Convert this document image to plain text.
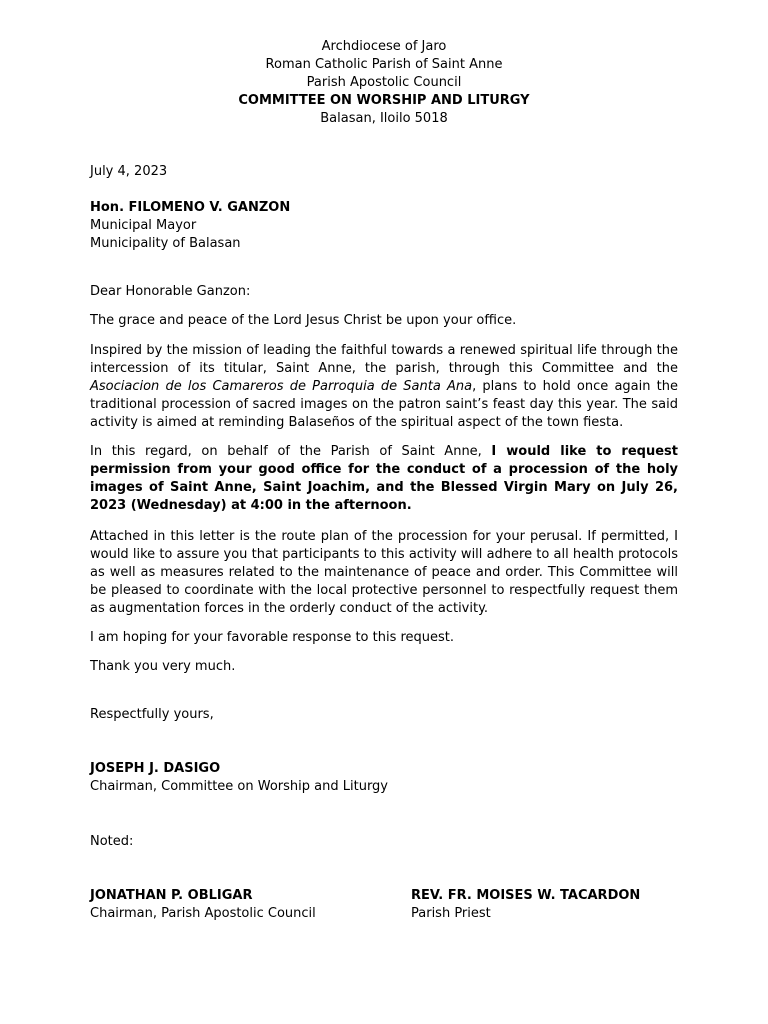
Archdiocese of Jaro
Roman Catholic Parish of Saint Anne
Parish Apostolic Council
COMMITTEE ON WORSHIP AND LITURGY
Balasan, Iloilo 5018
July 4, 2023
Hon. FILOMENO V. GANZON
Municipal Mayor
Municipality of Balasan
Dear Honorable Ganzon:

The grace and peace of the Lord Jesus Christ be upon your office.

Inspired by the mission of leading the faithful towards a renewed spiritual life through the intercession of its titular, Saint Anne, the parish, through this Committee and the Asociacion de los Camareros de Parroquia de Santa Ana, plans to hold once again the traditional procession of sacred images on the patron saint’s feast day this year. The said activity is aimed at reminding Balaseños of the spiritual aspect of the town fiesta.

In this regard, on behalf of the Parish of Saint Anne, I would like to request permission from your good office for the conduct of a procession of the holy images of Saint Anne, Saint Joachim, and the Blessed Virgin Mary on July 26, 2023 (Wednesday) at 4:00 in the afternoon.

Attached in this letter is the route plan of the procession for your perusal. If permitted, I would like to assure you that participants to this activity will adhere to all health protocols as well as measures related to the maintenance of peace and order. This Committee will be pleased to coordinate with the local protective personnel to respectfully request them as augmentation forces in the orderly conduct of the activity.

I am hoping for your favorable response to this request.

Thank you very much.

Respectfully yours,
JOSEPH J. DASIGO
Chairman, Committee on Worship and Liturgy
Noted:
JONATHAN P. OBLIGAR
Chairman, Parish Apostolic Council
REV. FR. MOISES W. TACARDON
Parish Priest
